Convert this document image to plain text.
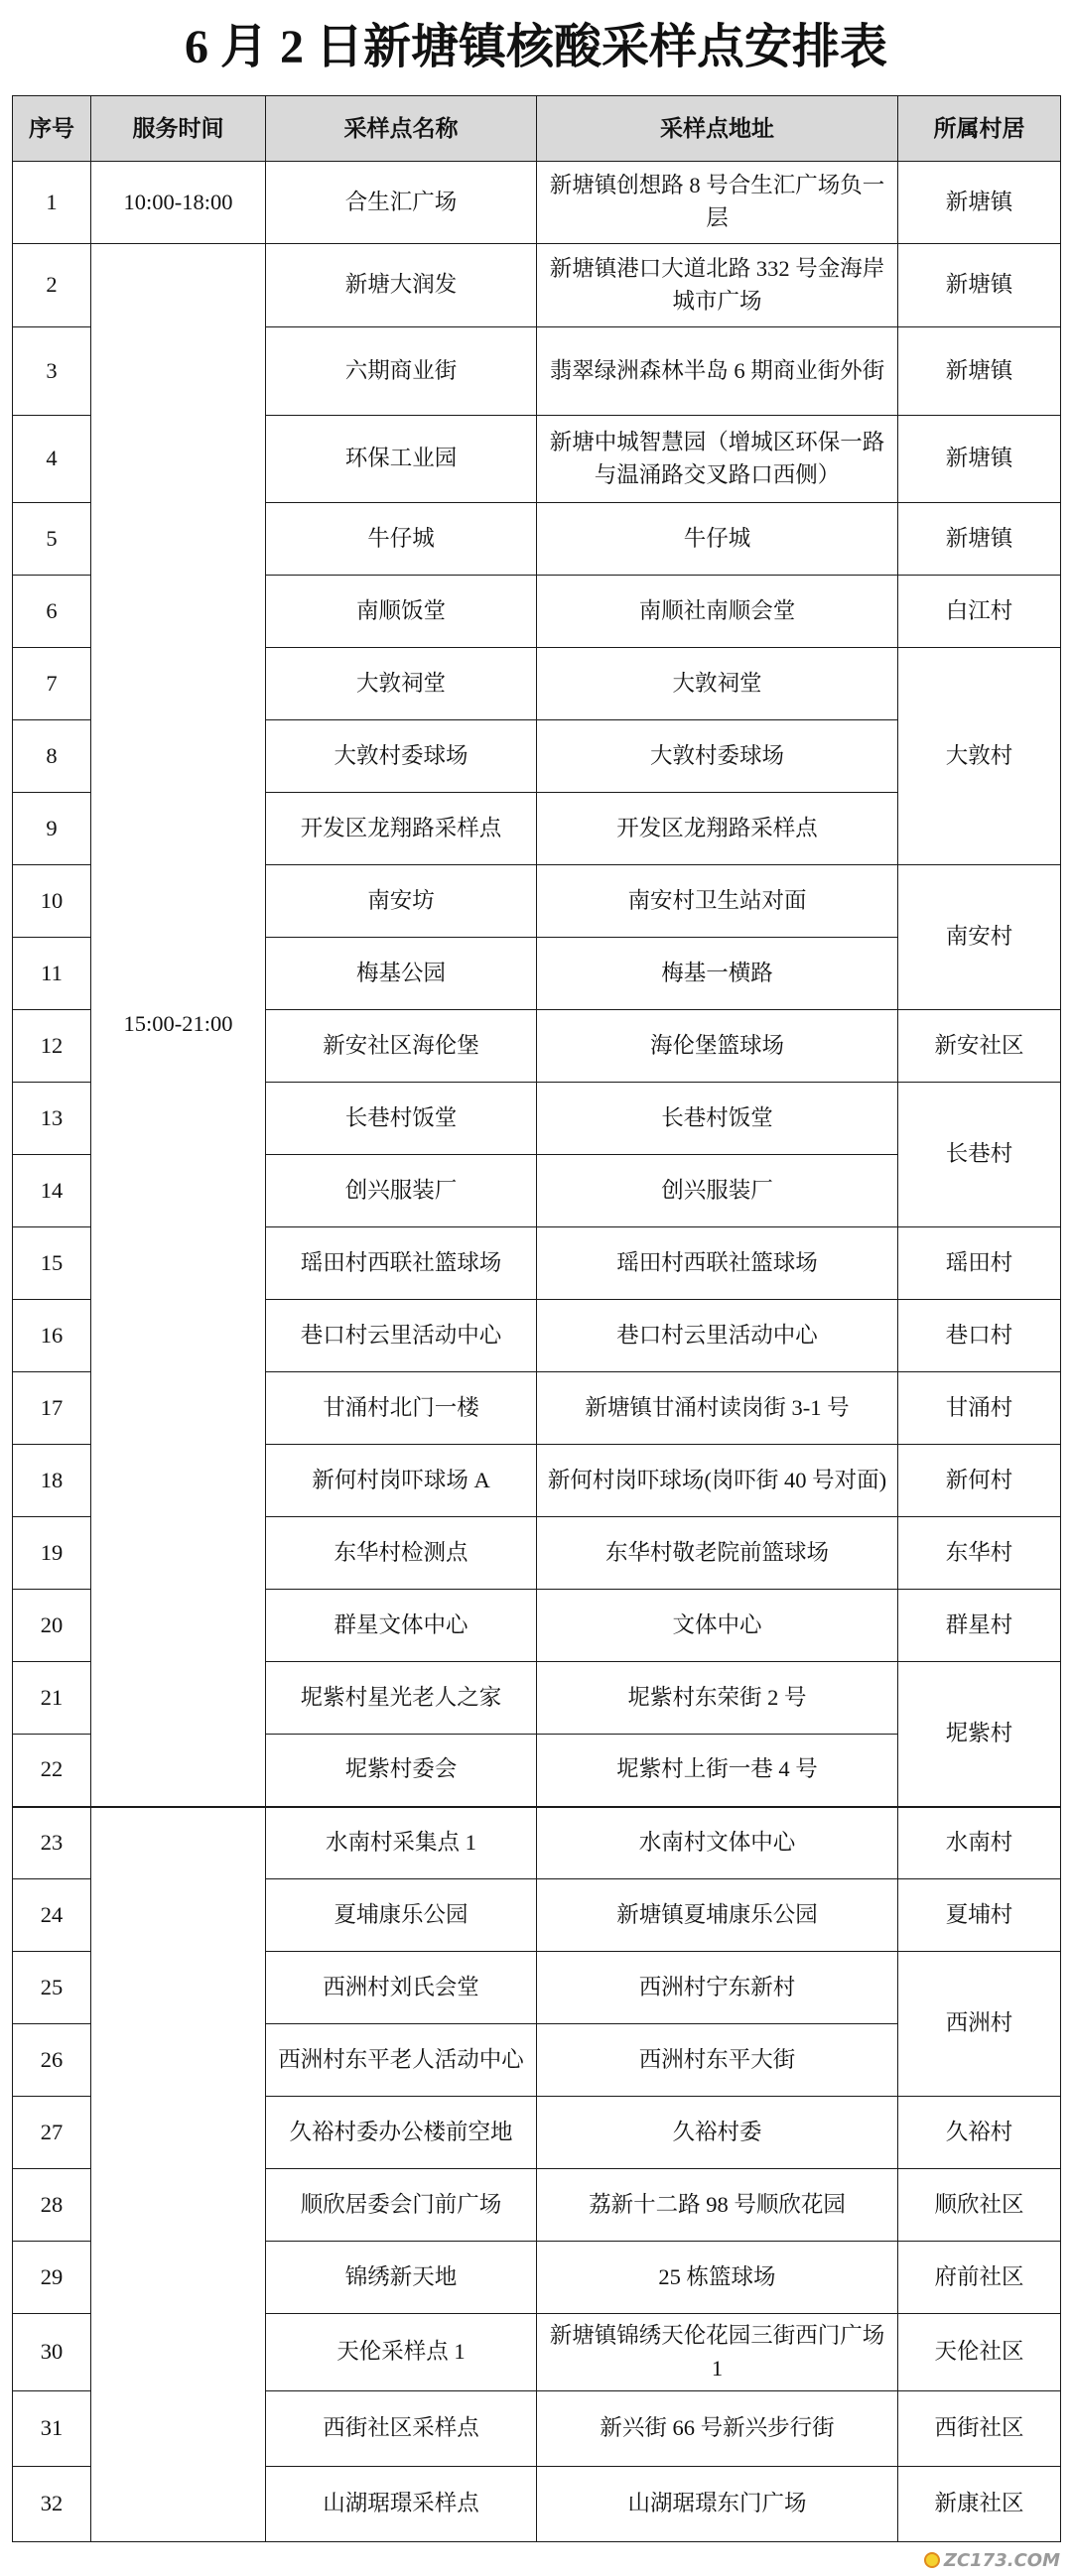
6 月 2 日新塘镇核酸采样点安排表
序号	服务时间	采样点名称	采样点地址	所属村居
1	10:00-18:00	合生汇广场	新塘镇创想路 8 号合生汇广场负一层	新塘镇
2	15:00-21:00	新塘大润发	新塘镇港口大道北路 332 号金海岸城市广场	新塘镇
3		六期商业街	翡翠绿洲森林半岛 6 期商业街外街	新塘镇
4		环保工业园	新塘中城智慧园（增城区环保一路与温涌路交叉路口西侧）	新塘镇
5		牛仔城	牛仔城	新塘镇
6		南顺饭堂	南顺社南顺会堂	白江村
7		大敦祠堂	大敦祠堂	大敦村
8		大敦村委球场	大敦村委球场	
9		开发区龙翔路采样点	开发区龙翔路采样点	
10		南安坊	南安村卫生站对面	南安村
11		梅基公园	梅基一横路	
12		新安社区海伦堡	海伦堡篮球场	新安社区
13		长巷村饭堂	长巷村饭堂	长巷村
14		创兴服装厂	创兴服装厂	
15		瑶田村西联社篮球场	瑶田村西联社篮球场	瑶田村
16		巷口村云里活动中心	巷口村云里活动中心	巷口村
17		甘涌村北门一楼	新塘镇甘涌村读岗街 3-1 号	甘涌村
18		新何村岗吓球场 A	新何村岗吓球场(岗吓街 40 号对面)	新何村
19		东华村检测点	东华村敬老院前篮球场	东华村
20		群星文体中心	文体中心	群星村
21		坭紫村星光老人之家	坭紫村东荣街 2 号	坭紫村
22		坭紫村委会	坭紫村上街一巷 4 号	
23		水南村采集点 1	水南村文体中心	水南村
24		夏埔康乐公园	新塘镇夏埔康乐公园	夏埔村
25		西洲村刘氏会堂	西洲村宁东新村	西洲村
26		西洲村东平老人活动中心	西洲村东平大街	
27		久裕村委办公楼前空地	久裕村委	久裕村
28		顺欣居委会门前广场	荔新十二路 98 号顺欣花园	顺欣社区
29		锦绣新天地	25 栋篮球场	府前社区
30		天伦采样点 1	新塘镇锦绣天伦花园三街西门广场 1	天伦社区
31		西街社区采样点	新兴街 66 号新兴步行街	西街社区
32		山湖琚璟采样点	山湖琚璟东门广场	新康社区
ZC173.COM
